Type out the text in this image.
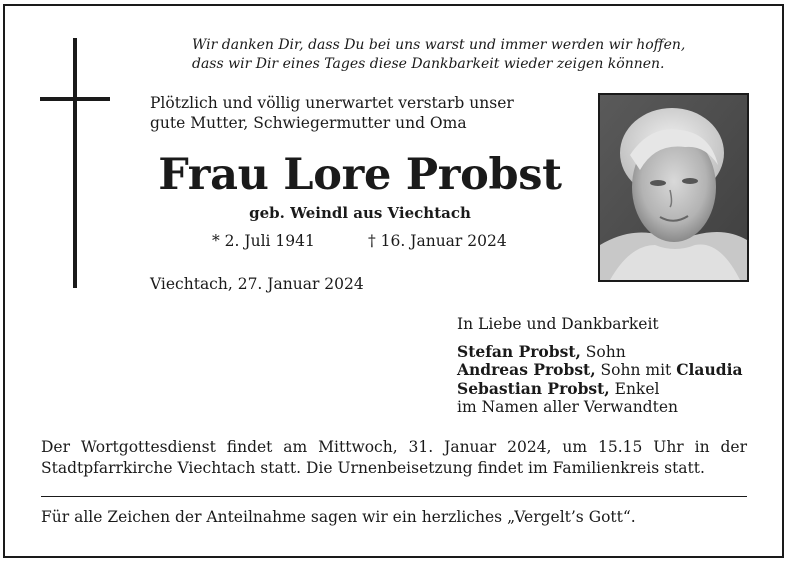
Wir danken Dir, dass Du bei uns warst und immer werden wir hoffen,
dass wir Dir eines Tages diese Dankbarkeit wieder zeigen können.
Plötzlich und völlig unerwartet verstarb unser
gute Mutter, Schwiegermutter und Oma
Frau Lore Probst
geb. Weindl aus Viechtach
* 2. Juli 1941	† 16. Januar 2024
Viechtach, 27. Januar 2024
In Liebe und Dankbarkeit
Stefan Probst, Sohn
Andreas Probst, Sohn mit Claudia
Sebastian Probst, Enkel
im Namen aller Verwandten
Der Wortgottesdienst findet am Mittwoch, 31. Januar 2024, um 15.15 Uhr in der
Stadtpfarrkirche Viechtach statt. Die Urnenbeisetzung findet im Familienkreis statt.
Für alle Zeichen der Anteilnahme sagen wir ein herzliches „Vergelt’s Gott“.
